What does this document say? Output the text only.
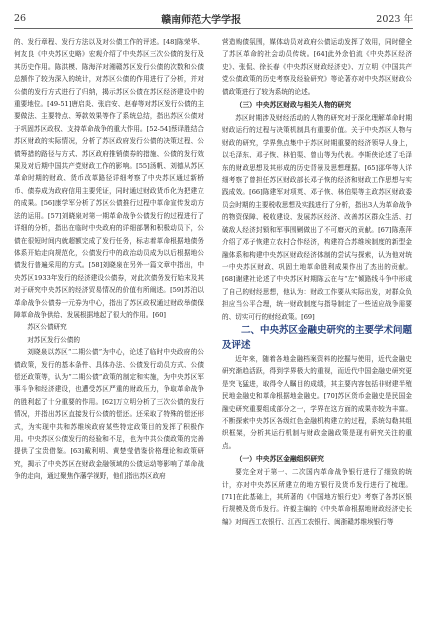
26	赣南师范大学学报	2023 年

的、发行章程、发行方法以及对公债工作的评述。[48]陈荣华、何友良《中央苏区史略》宏观介绍了中央苏区三次公债的发行及其历史作用。陈洪模、陈海洋对湘赣苏区发行公债的次数和公债总额作了较为深入的统计，对苏区公债的作用进行了分析，并对公债的发行方式进行了归纳，揭示苏区公债在苏区经济建设中的重要地位。[49-51]唐启炎、张启安、赵春等对苏区发行公债的主要做法、主要特点、筹款效果等作了系统总结，指出苏区公债对于巩固苏区政权、支持革命战争的重大作用。[52-54]蔡译胜结合苏区财政的实际情况，分析了苏区政府发行公债的决策过程、公债筹措的路径与方式、苏区政府推销债券的措施、公债的发行效果及对后期中国共产党财政工作的影响。[55]汤帆、刘德从苏区革命时期的财政、货币改革路径详细考察了中央苏区通过新桥币、债券成为政府信用主要凭证，同时通过财政货币化为把建立的成果。[56]康学军分析了苏区公债推行过程中革命宣传发动方法的运用。[57]刘晓泉对第一期革命战争公债发行的过程进行了详细的分析，指出在临时中央政府的详细部署和积极动员下，公债在很短时间内就超额完成了发行任务，标志着革命根据地债务体系开始走向规范化，公债发行中的政治动员成为以后根据地公债发行普遍采用的方式。[58]刘晓泉在另外一篇文章中指出，中央苏区1933年发行的经济建设公债券，对此次债务发行始末及其对于研究中央苏区的经济贸易情况的价值有所阐述。[59]苏泊以革命战争公债券一元券为中心，指出了苏区政权通过财政举债保障革命战争供给、发展根据地起了很大的作用。[60]

苏区公债研究

对苏区发行公债的

刘晓泉以苏区“二期公债”为中心，论述了临时中央政府的公债政策，发行的基本条件、具体办法、公债发行动员方式、公债偿还政策等，认为“二期公债”政策的制定和实施，为中央苏区军事斗争和经济建设，也遭受苏区严重的财政压力，争取革命战争的胜利起了十分重要的作用。[62]万立明分析了三次公债的发行情况，并指出苏区直接发行公债的偿还。还采取了特殊的偿还形式，为实现中共和苏维埃政府某些特定政策目的发挥了积极作用。中央苏区公债发行的经验和不足，也为中共公债政策的完善提供了宝贵借鉴。[63]戴利明、黄楚莹借鉴价格理论和政策研究，揭示了中央苏区在财政金融领域的公债运动等影响了革命战争的走向，通过聚焦作藩学视野，他们指出苏区政府

营造购债氛围，媒体动员对政府公债运动发挥了效用，同时健全了苏区革命的社会动员传统。[64]此外余伯流《中央苏区经济史》、张侃、徐长春《中央苏区财政经济史》、万立明《中国共产党公债政策的历史考察及经验研究》等论著亦对中央苏区财政公债政策进行了较为系统的论述。

（三）中央苏区财政与相关人物的研究

苏区时期涉及财经活动的人物的研究对于深化理解革命时期财政运行的过程与决策机制具有重要价值。关于中央苏区人物与财政的研究，学界焦点集中于苏区时期重要的经济领导人身上，以毛泽东、邓子恢、林伯渠、曾山等为代表。李斯侠论述了毛泽东的财政思想及其形成的历史背景及思想理据。[65]邵华等人详细考察了曾担任苏区财政部长邓子恢的经济和财政工作思想与实践成效。[66]陈建军对项英、邓子恢、林伯渠等主政苏区财政委员会时期的主要税收思想及实践进行了分析，指出3人为革命战争的物资保障、税收建设、发展苏区经济、改善苏区群众生活、打破敌人经济封锁和军事围剿做出了不可磨灭的贡献。[67]陈燕萍介绍了邓子恢建立农村合作经济，构建符合苏维埃制度的新型金融体系和构建中央苏区财政经济体制的尝试与探索，认为他对统一中央苏区财政、巩固土地革命胜利成果作出了杰出的贡献。[68]谢建社论述了中央苏区时期陈云在与“左”倾路线斗争中形成了自己的财经思想，他认为：财政工作要从实际出发，对群众负担应当公平合理，统一财政制度与指导制定了一些适应战争需要的、切实可行的财经政策。[69]

二、中央苏区金融史研究的主要学术问题及评述

近年来，随着各地金融档案资料的挖掘与使用，近代金融史研究渐趋活跃，得到学界极大的重视，而近代中国金融史研究更是突飞猛进，取得令人瞩目的成绩，其主要内容包括非财建半殖民地金融史和革命根据地金融史。[70]苏区货币金融史是民国金融史研究重要组成部分之一，学界在这方面的成果亦较为丰富。不断探索中央苏区各级红色金融机构建立的过程，系统勾勒其组织框架，分析其运行机制与财政金融政策是现有研究关注的重点。

（一）中央苏区金融组织研究

要完全对于第一、二次国内革命战争银行进行了细致的统计，亦对中央苏区所建立的地方银行及货币发行进行了梳理。[71]在此基础上，其所著的《中国地方银行史》考察了各苏区银行规模及货币发行。许毅主编的《中央革命根据地财政经济史长编》对闽西工农银行、江西工农银行、闽浙赣苏维埃银行等
